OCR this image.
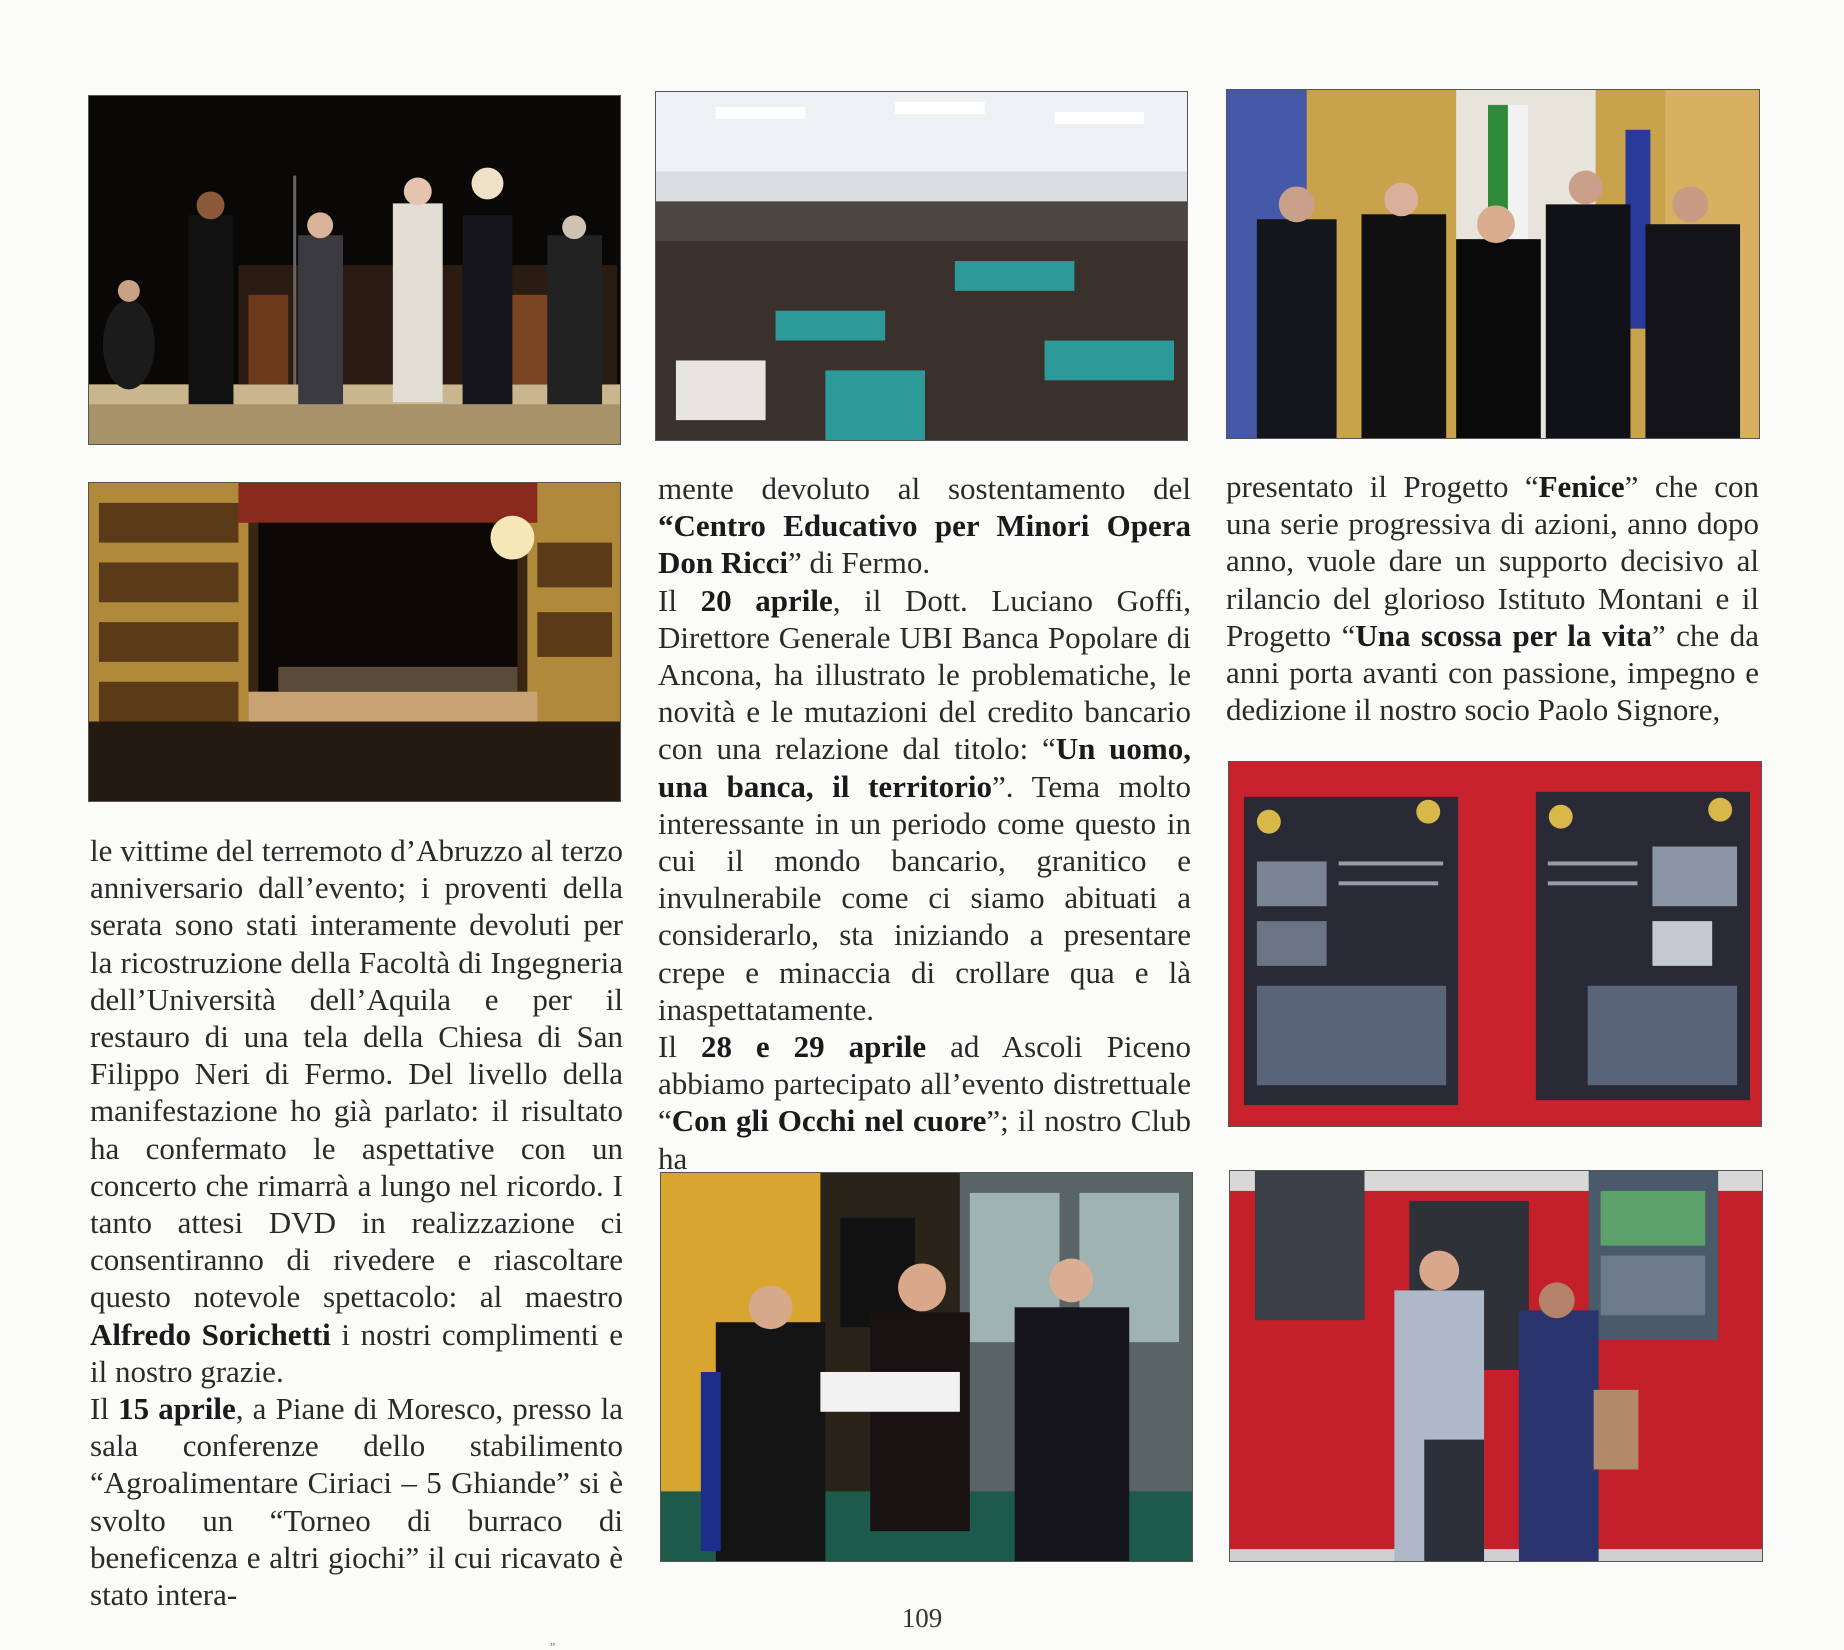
le vittime del terremoto d’Abruzzo al terzo anniversario dall’evento; i proventi della serata sono stati interamente devoluti per la ricostruzione della Facoltà di Ingegneria dell’Università dell’Aquila e per il restauro di una tela della Chiesa di San Filippo Neri di Fermo. Del livello della manifestazione ho già parlato: il risultato ha confermato le aspettative con un concerto che rimarrà a lungo nel ricordo. I tanto attesi DVD in realizzazione ci consentiranno di rivedere e riascoltare questo notevole spettacolo: al maestro Alfredo Sorichetti i nostri complimenti e il nostro grazie.

Il 15 aprile, a Piane di Moresco, presso la sala conferenze dello stabilimento “Agroalimentare Ciriaci – 5 Ghiande” si è svolto un “Torneo di burraco di beneficenza e altri giochi” il cui ricavato è stato intera-

mente devoluto al sostentamento del “Centro Educativo per Minori Opera Don Ricci” di Fermo.

Il 20 aprile, il Dott. Luciano Goffi, Direttore Generale UBI Banca Popolare di Ancona, ha illustrato le problematiche, le novità e le mutazioni del credito bancario con una relazione dal titolo: “Un uomo, una banca, il territorio”. Tema molto interessante in un periodo come questo in cui il mondo bancario, granitico e invulnerabile come ci siamo abituati a considerarlo, sta iniziando a presentare crepe e minaccia di crollare qua e là inaspettatamente.

Il 28 e 29 aprile ad Ascoli Piceno abbiamo partecipato all’evento distrettuale “Con gli Occhi nel cuore”; il nostro Club ha

presentato il Progetto “Fenice” che con una serie progressiva di azioni, anno dopo anno, vuole dare un supporto decisivo al rilancio del glorioso Istituto Montani e il Progetto “Una scossa per la vita” che da anni porta avanti con passione, impegno e dedizione il nostro socio Paolo Signore,

109
„
